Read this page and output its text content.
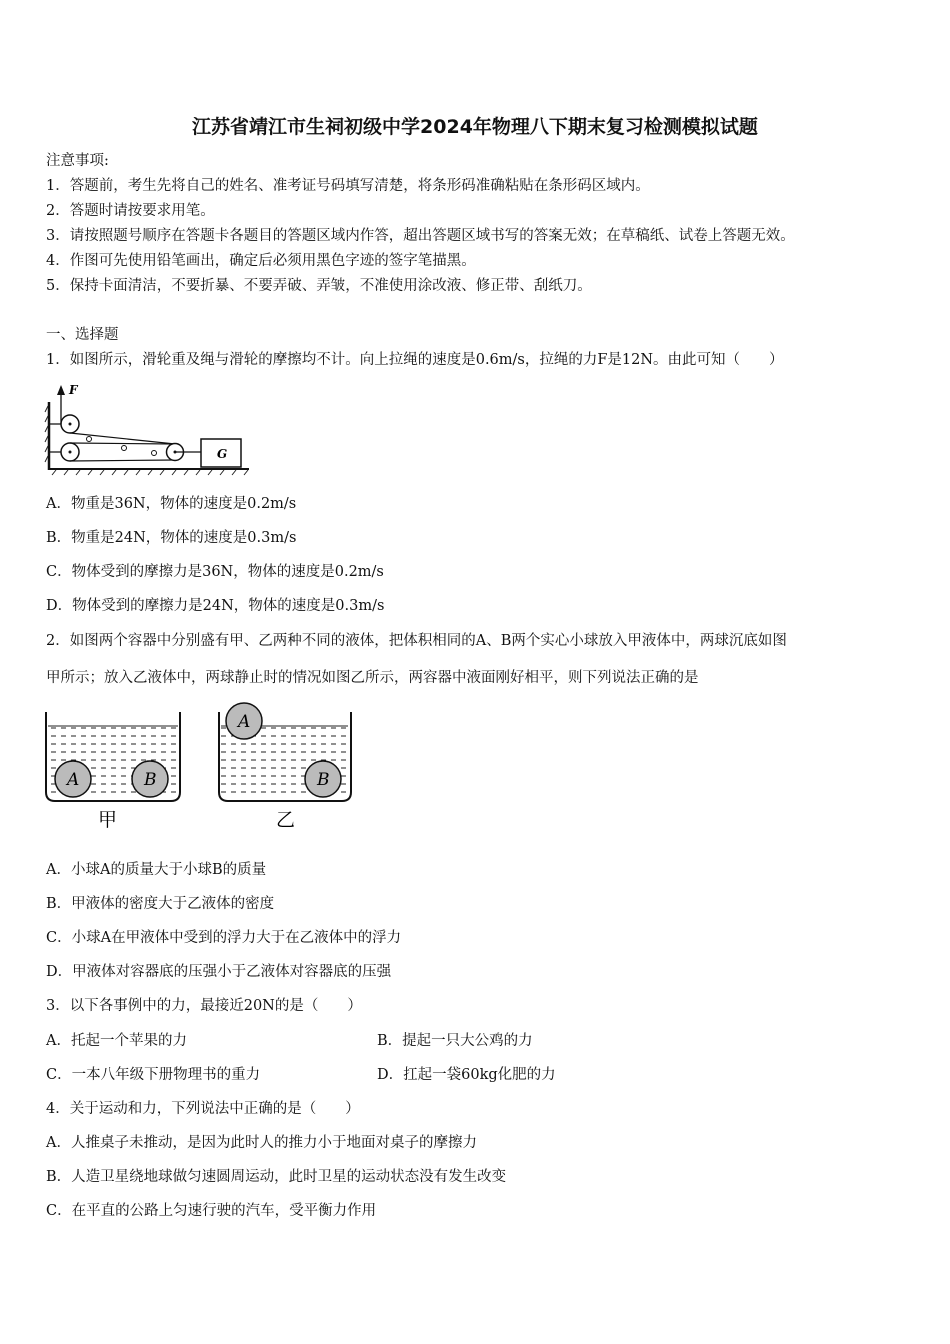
江苏省靖江市生祠初级中学2024年物理八下期末复习检测模拟试题
注意事项:
1．答题前，考生先将自己的姓名、准考证号码填写清楚，将条形码准确粘贴在条形码区域内。
2．答题时请按要求用笔。
3．请按照题号顺序在答题卡各题目的答题区域内作答，超出答题区域书写的答案无效；在草稿纸、试卷上答题无效。
4．作图可先使用铅笔画出，确定后必须用黑色字迹的签字笔描黑。
5．保持卡面清洁，不要折暴、不要弄破、弄皱，不准使用涂改液、修正带、刮纸刀。
一、选择题
1．如图所示，滑轮重及绳与滑轮的摩擦均不计。向上拉绳的速度是0.6m/s，拉绳的力F是12N。由此可知（　　）
F
G
A．物重是36N，物体的速度是0.2m/s
B．物重是24N，物体的速度是0.3m/s
C．物体受到的摩擦力是36N，物体的速度是0.2m/s
D．物体受到的摩擦力是24N，物体的速度是0.3m/s
2．如图两个容器中分别盛有甲、乙两种不同的液体，把体积相同的A、B两个实心小球放入甲液体中，两球沉底如图
甲所示；放入乙液体中，两球静止时的情况如图乙所示，两容器中液面刚好相平，则下列说法正确的是
A	B
甲
A
B
乙
A．小球A的质量大于小球B的质量
B．甲液体的密度大于乙液体的密度
C．小球A在甲液体中受到的浮力大于在乙液体中的浮力
D．甲液体对容器底的压强小于乙液体对容器底的压强
3．以下各事例中的力，最接近20N的是（　　）
A．托起一个苹果的力	B．提起一只大公鸡的力
C．一本八年级下册物理书的重力	D．扛起一袋60kg化肥的力
4．关于运动和力，下列说法中正确的是（　　）
A．人推桌子未推动，是因为此时人的推力小于地面对桌子的摩擦力
B．人造卫星绕地球做匀速圆周运动，此时卫星的运动状态没有发生改变
C．在平直的公路上匀速行驶的汽车，受平衡力作用
